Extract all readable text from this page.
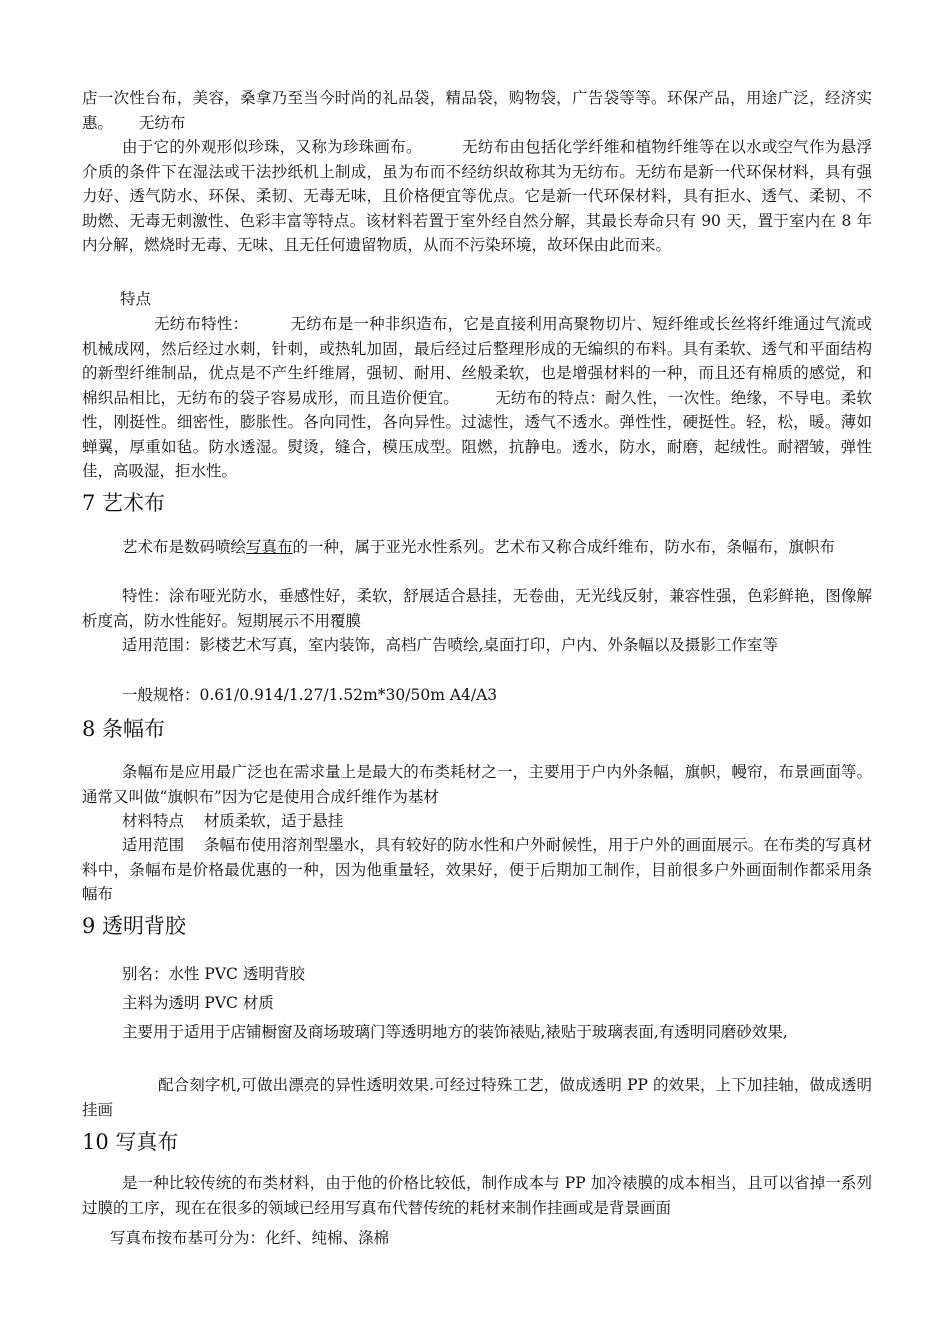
店一次性台布，美容，桑拿乃至当今时尚的礼品袋，精品袋，购物袋，广告袋等等。环保产品，用途广泛，经济实惠。 无纺布

由于它的外观形似珍珠，又称为珍珠画布。	无纺布由包括化学纤维和植物纤维等在以水或空气作为悬浮介质的条件下在湿法或干法抄纸机上制成，虽为布而不经纺织故称其为无纺布。无纺布是新一代环保材料，具有强力好、透气防水、环保、柔韧、无毒无味，且价格便宜等优点。它是新一代环保材料，具有拒水、透气、柔韧、不助燃、无毒无刺激性、色彩丰富等特点。该材料若置于室外经自然分解，其最长寿命只有 90 天，置于室内在 8 年内分解，燃烧时无毒、无味、且无任何遗留物质，从而不污染环境，故环保由此而来。

特点

无纺布特性：	无纺布是一种非织造布，它是直接利用高聚物切片、短纤维或长丝将纤维通过气流或机械成网，然后经过水刺，针刺，或热轧加固，最后经过后整理形成的无编织的布料。具有柔软、透气和平面结构的新型纤维制品，优点是不产生纤维屑，强韧、耐用、丝般柔软，也是增强材料的一种，而且还有棉质的感觉，和棉织品相比，无纺布的袋子容易成形，而且造价便宜。 无纺布的特点：耐久性，一次性。绝缘，不导电。柔软性，刚挺性。细密性，膨胀性。各向同性，各向异性。过滤性，透气不透水。弹性性，硬挺性。轻，松，暖。薄如蝉翼，厚重如毡。防水透湿。熨烫，缝合，模压成型。阻燃，抗静电。透水，防水，耐磨，起绒性。耐褶皱，弹性佳，高吸湿，拒水性。

7 艺术布

艺术布是数码喷绘写真布的一种，属于亚光水性系列。艺术布又称合成纤维布，防水布，条幅布，旗帜布

特性：涂布哑光防水，垂感性好，柔软，舒展适合悬挂，无卷曲，无光线反射，兼容性强，色彩鲜艳，图像解析度高，防水性能好。短期展示不用覆膜

适用范围：影楼艺术写真，室内装饰，高档广告喷绘,桌面打印，户内、外条幅以及摄影工作室等

一般规格：0.61/0.914/1.27/1.52m*30/50m A4/A3

8 条幅布

条幅布是应用最广泛也在需求量上是最大的布类耗材之一，主要用于户内外条幅，旗帜，幔帘，布景画面等。通常又叫做“旗帜布”因为它是使用合成纤维作为基材

材料特点    材质柔软，适于悬挂

适用范围    条幅布使用溶剂型墨水，具有较好的防水性和户外耐候性，用于户外的画面展示。在布类的写真材料中，条幅布是价格最优惠的一种，因为他重量轻，效果好，便于后期加工制作，目前很多户外画面制作都采用条幅布

9 透明背胶

别名：水性 PVC 透明背胶

主料为透明 PVC 材质

主要用于适用于店铺橱窗及商场玻璃门等透明地方的装饰裱贴,裱贴于玻璃表面,有透明同磨砂效果,

配合刻字机,可做出漂亮的异性透明效果.可经过特殊工艺，做成透明 PP 的效果，上下加挂轴，做成透明挂画

10 写真布

是一种比较传统的布类材料，由于他的价格比较低，制作成本与 PP 加冷裱膜的成本相当，且可以省掉一系列过膜的工序，现在在很多的领域已经用写真布代替传统的耗材来制作挂画或是背景画面

写真布按布基可分为：化纤、纯棉、涤棉
